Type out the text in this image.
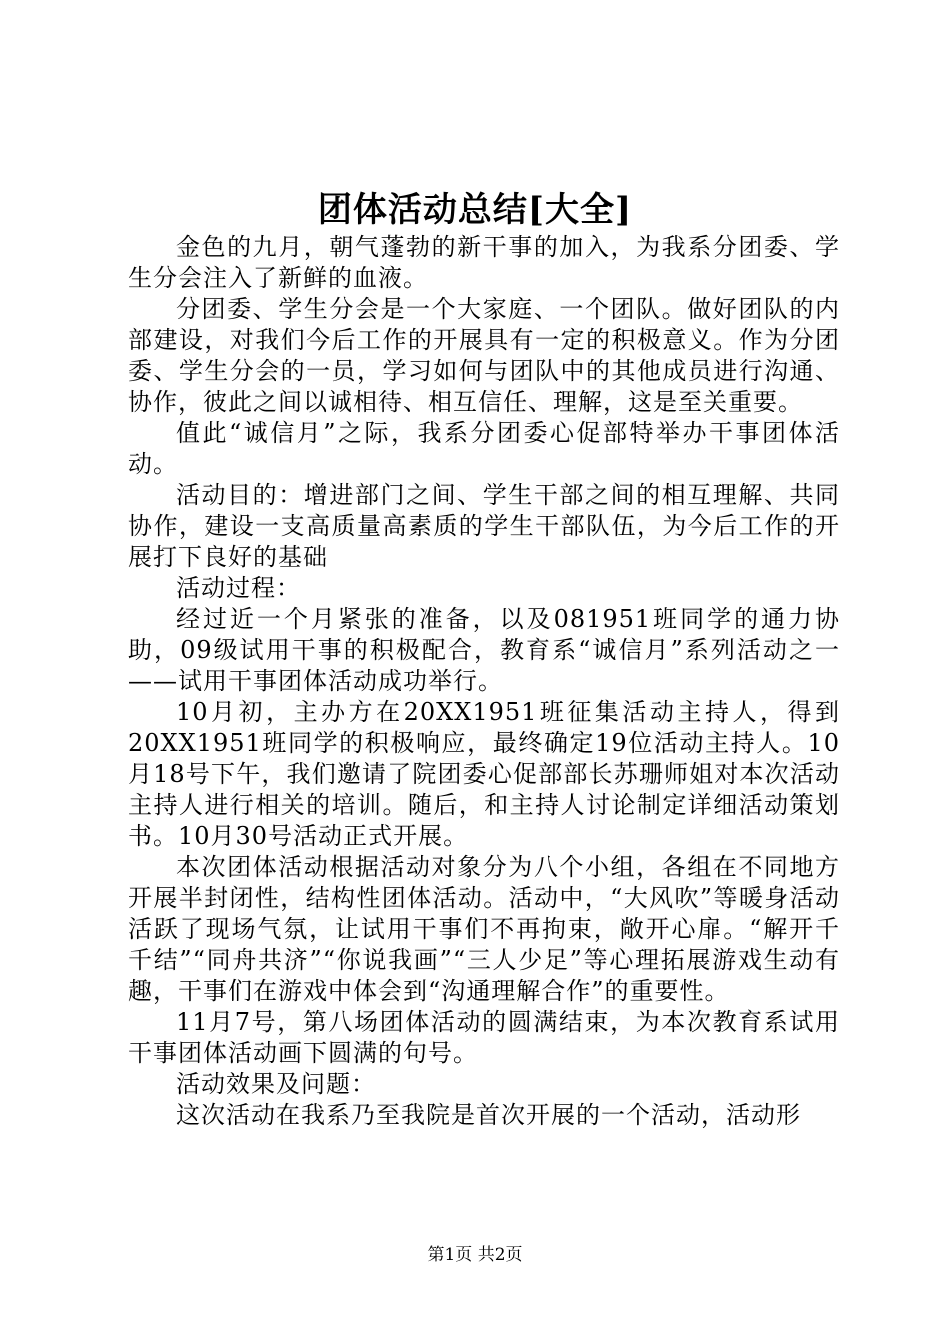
团体活动总结[大全]

金色的九月，朝气蓬勃的新干事的加入，为我系分团委、学生分会注入了新鲜的血液。

分团委、学生分会是一个大家庭、一个团队。做好团队的内部建设，对我们今后工作的开展具有一定的积极意义。作为分团委、学生分会的一员，学习如何与团队中的其他成员进行沟通、协作，彼此之间以诚相待、相互信任、理解，这是至关重要。

值此“诚信月”之际，我系分团委心促部特举办干事团体活动。

活动目的：增进部门之间、学生干部之间的相互理解、共同协作，建设一支高质量高素质的学生干部队伍，为今后工作的开展打下良好的基础

活动过程：

经过近一个月紧张的准备，以及081951班同学的通力协助，09级试用干事的积极配合，教育系“诚信月”系列活动之一——试用干事团体活动成功举行。

10月初，主办方在20XX1951班征集活动主持人，得到20XX1951班同学的积极响应，最终确定19位活动主持人。10月18号下午，我们邀请了院团委心促部部长苏珊师姐对本次活动主持人进行相关的培训。随后，和主持人讨论制定详细活动策划书。10月30号活动正式开展。

本次团体活动根据活动对象分为八个小组，各组在不同地方开展半封闭性，结构性团体活动。活动中，“大风吹”等暖身活动活跃了现场气氛，让试用干事们不再拘束，敞开心扉。“解开千千结”“同舟共济”“你说我画”“三人少足”等心理拓展游戏生动有趣，干事们在游戏中体会到“沟通理解合作”的重要性。

11月7号，第八场团体活动的圆满结束，为本次教育系试用干事团体活动画下圆满的句号。

活动效果及问题：

这次活动在我系乃至我院是首次开展的一个活动，活动形

第1页 共2页
